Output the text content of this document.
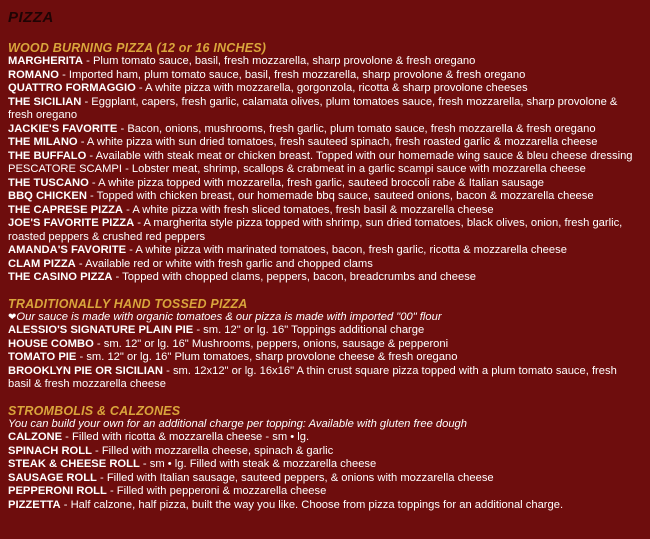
PIZZA
WOOD BURNING PIZZA (12 or 16 INCHES)

MARGHERITA - Plum tomato sauce, basil, fresh mozzarella, sharp provolone & fresh oregano

ROMANO - Imported ham, plum tomato sauce, basil, fresh mozzarella, sharp provolone & fresh oregano

QUATTRO FORMAGGIO - A white pizza with mozzarella, gorgonzola, ricotta & sharp provolone cheeses

THE SICILIAN - Eggplant, capers, fresh garlic, calamata olives, plum tomatoes sauce, fresh mozzarella, sharp provolone & fresh oregano

JACKIE'S FAVORITE - Bacon, onions, mushrooms, fresh garlic, plum tomato sauce, fresh mozzarella & fresh oregano

THE MILANO - A white pizza with sun dried tomatoes, fresh sauteed spinach, fresh roasted garlic & mozzarella cheese

THE BUFFALO - Available with steak meat or chicken breast. Topped with our homemade wing sauce & bleu cheese dressing PESCATORE SCAMPI - Lobster meat, shrimp, scallops & crabmeat in a garlic scampi sauce with mozzarella cheese

THE TUSCANO - A white pizza topped with mozzarella, fresh garlic, sauteed broccoli rabe & Italian sausage

BBQ CHICKEN - Topped with chicken breast, our homemade bbq sauce, sauteed onions, bacon & mozzarella cheese

THE CAPRESE PIZZA - A white pizza with fresh sliced tomatoes, fresh basil & mozzarella cheese

JOE'S FAVORITE PIZZA - A margherita style pizza topped with shrimp, sun dried tomatoes, black olives, onion, fresh garlic, roasted peppers & crushed red peppers

AMANDA'S FAVORITE - A white pizza with marinated tomatoes, bacon, fresh garlic, ricotta & mozzarella cheese

CLAM PIZZA - Available red or white with fresh garlic and chopped clams

THE CASINO PIZZA - Topped with chopped clams, peppers, bacon, breadcrumbs and cheese

TRADITIONALLY HAND TOSSED PIZZA

❤Our sauce is made with organic tomatoes & our pizza is made with imported "00" flour

ALESSIO'S SIGNATURE PLAIN PIE - sm. 12" or lg. 16" Toppings additional charge

HOUSE COMBO - sm. 12" or lg. 16" Mushrooms, peppers, onions, sausage & pepperoni

TOMATO PIE - sm. 12" or lg. 16" Plum tomatoes, sharp provolone cheese & fresh oregano

BROOKLYN PIE OR SICILIAN - sm. 12x12" or lg. 16x16" A thin crust square pizza topped with a plum tomato sauce, fresh basil & fresh mozzarella cheese

STROMBOLIS & CALZONES

You can build your own for an additional charge per topping: Available with gluten free dough

CALZONE - Filled with ricotta & mozzarella cheese - sm • lg.

SPINACH ROLL - Filled with mozzarella cheese, spinach & garlic

STEAK & CHEESE ROLL - sm • lg. Filled with steak & mozzarella cheese

SAUSAGE ROLL - Filled with Italian sausage, sauteed peppers, & onions with mozzarella cheese

PEPPERONI ROLL - Filled with pepperoni & mozzarella cheese

PIZZETTA - Half calzone, half pizza, built the way you like. Choose from pizza toppings for an additional charge.
